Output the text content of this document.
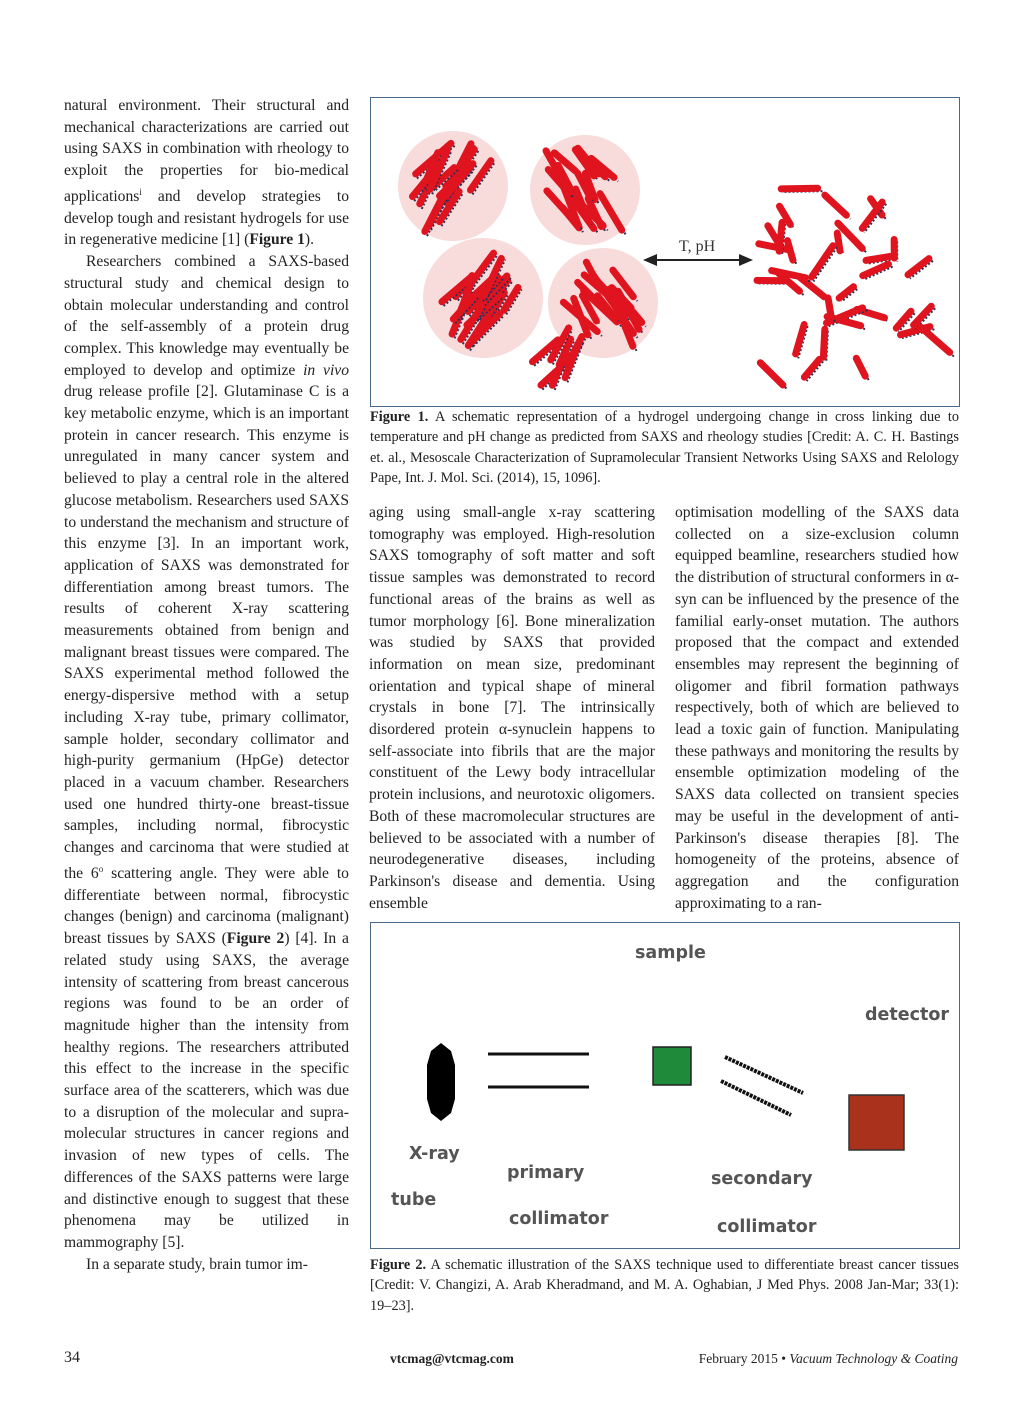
natural environment. Their structural and mechanical characterizations are carried out using SAXS in combination with rheology to exploit the properties for bio-medical applications$^i$ and develop strategies to develop tough and resistant hydrogels for use in regenerative medicine [1] (Figure 1).

Researchers combined a SAXS-based structural study and chemical design to obtain molecular understanding and control of the self-assembly of a protein drug complex. This knowledge may eventually be employed to develop and optimize in vivo drug release profile [2]. Glutaminase C is a key metabolic enzyme, which is an important protein in cancer research. This enzyme is unregulated in many cancer system and believed to play a central role in the altered glucose metabolism. Researchers used SAXS to understand the mechanism and structure of this enzyme [3]. In an important work, application of SAXS was demonstrated for differentiation among breast tumors. The results of coherent X-ray scattering measurements obtained from benign and malignant breast tissues were compared. The SAXS experimental method followed the energy-dispersive method with a setup including X-ray tube, primary collimator, sample holder, secondary collimator and high-purity germanium (HpGe) detector placed in a vacuum chamber. Researchers used one hundred thirty-one breast-tissue samples, including normal, fibrocystic changes and carcinoma that were studied at the 6$^o$ scattering angle. They were able to differentiate between normal, fibrocystic changes (benign) and carcinoma (malignant) breast tissues by SAXS (Figure 2) [4]. In a related study using SAXS, the average intensity of scattering from breast cancerous regions was found to be an order of magnitude higher than the intensity from healthy regions. The researchers attributed this effect to the increase in the specific surface area of the scatterers, which was due to a disruption of the molecular and supra-molecular structures in cancer regions and invasion of new types of cells. The differences of the SAXS patterns were large and distinctive enough to suggest that these phenomena may be utilized in mammography [5].

In a separate study, brain tumor im-

T, pH
Figure 1. A schematic representation of a hydrogel undergoing change in cross linking due to temperature and pH change as predicted from SAXS and rheology studies [Credit: A. C. H. Bastings et. al., Mesoscale Characterization of Supramolecular Transient Networks Using SAXS and Relology Pape, Int. J. Mol. Sci. (2014), 15, 1096].

aging using small-angle x-ray scattering tomography was employed. High-resolution SAXS tomography of soft matter and soft tissue samples was demonstrated to record functional areas of the brains as well as tumor morphology [6]. Bone mineralization was studied by SAXS that provided information on mean size, predominant orientation and typical shape of mineral crystals in bone [7]. The intrinsically disordered protein α-synuclein happens to self-associate into fibrils that are the major constituent of the Lewy body intracellular protein inclusions, and neurotoxic oligomers. Both of these macromolecular structures are believed to be associated with a number of neurodegenerative diseases, including Parkinson's disease and dementia. Using ensemble

optimisation modelling of the SAXS data collected on a size-exclusion column equipped beamline, researchers studied how the distribution of structural conformers in α-syn can be influenced by the presence of the familial early-onset mutation. The authors proposed that the compact and extended ensembles may represent the beginning of oligomer and fibril formation pathways respectively, both of which are believed to lead a toxic gain of function. Manipulating these pathways and monitoring the results by ensemble optimization modeling of the SAXS data collected on transient species may be useful in the development of anti-Parkinson's disease therapies [8]. The homogeneity of the proteins, absence of aggregation and the configuration approximating to a ran-

sample
detector
X-ray
tube
primary
collimator
secondary
collimator
Figure 2. A schematic illustration of the SAXS technique used to differentiate breast cancer tissues [Credit: V. Changizi, A. Arab Kheradmand, and M. A. Oghabian, J Med Phys. 2008 Jan-Mar; 33(1): 19–23].
34	vtcmag@vtcmag.com	February 2015 • Vacuum Technology & Coating
